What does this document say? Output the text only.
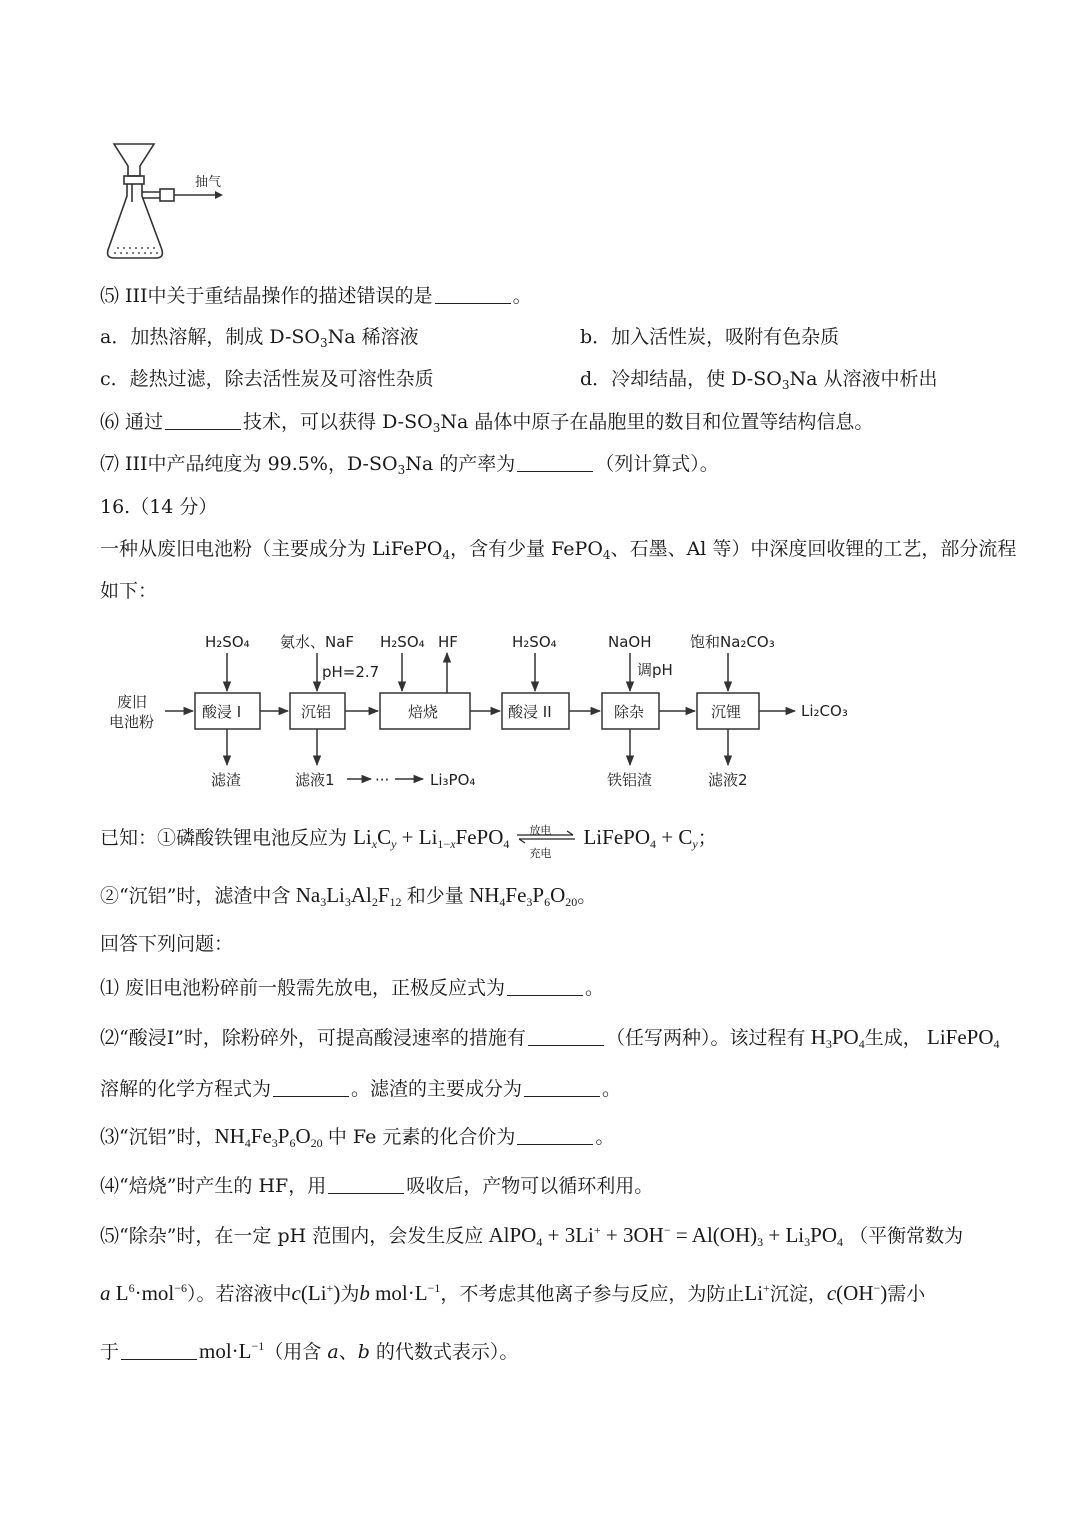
抽气
⑸ III中关于重结晶操作的描述错误的是	。
a．加热溶解，制成 $D-SO_3Na$ 稀溶液	b．加入活性炭，吸附有色杂质
c．趁热过滤，除去活性炭及可溶性杂质	d．冷却结晶，使 $D-SO_3Na$ 从溶液中析出
⑹ 通过	技术，可以获得 $D-SO_3Na$ 晶体中原子在晶胞里的数目和位置等结构信息。
⑺ III中产品纯度为 99.5%，$D-SO_3Na$ 的产率为	（列计算式）。
16.（14 分）
一种从废旧电池粉（主要成分为 LiFePO$_4$，含有少量 FePO$_4$、石墨、Al 等）中深度回收锂的工艺，部分流程
如下：
废旧
电池粉
酸浸 I	沉铝	焙烧	酸浸 II	除杂	沉锂
H₂SO₄ 氨水、NaF H₂SO₄ HF	H₂SO₄	NaOH	饱和Na₂CO₃
pH=2.7	调pH
滤渣	滤液1	···	Li₃PO₄	铁铝渣	滤液2
Li₂CO₃
已知：①磷酸铁锂电池反应为 $Li_xC_y$ + $Li_{1-x}FePO_4$
放电
充电
LiFePO$_4$ + $C_y$；
②“沉铝”时，滤渣中含 $Na_3Li_3Al_2F_{12}$ 和少量 $NH_4Fe_3P_6O_{20}$。
回答下列问题：
⑴ 废旧电池粉碎前一般需先放电，正极反应式为	。
⑵“酸浸I”时，除粉碎外，可提高酸浸速率的措施有	（任写两种）。该过程有 $H_3PO_4$生成， LiFePO$_4$
溶解的化学方程式为	。滤渣的主要成分为	。
⑶“沉铝”时，$NH_4Fe_3P_6O_{20}$ 中 Fe 元素的化合价为	。
⑷“焙烧”时产生的 HF，用	吸收后，产物可以循环利用。
⑸“除杂”时，在一定 pH 范围内，会发生反应 AlPO$_4$ + $3Li^+ + 3OH^- = Al(OH)_3 + Li_3PO_4$ （平衡常数为
a $L^6\cdot mol^{-6}$）。若溶液中c(Li+)为b $mol\cdot L^{-1}$，不考虑其他离子参与反应，为防止Li+沉淀，c(OH−)需小
于	$mol\cdot L^{-1}$（用含 a、b 的代数式表示）。
